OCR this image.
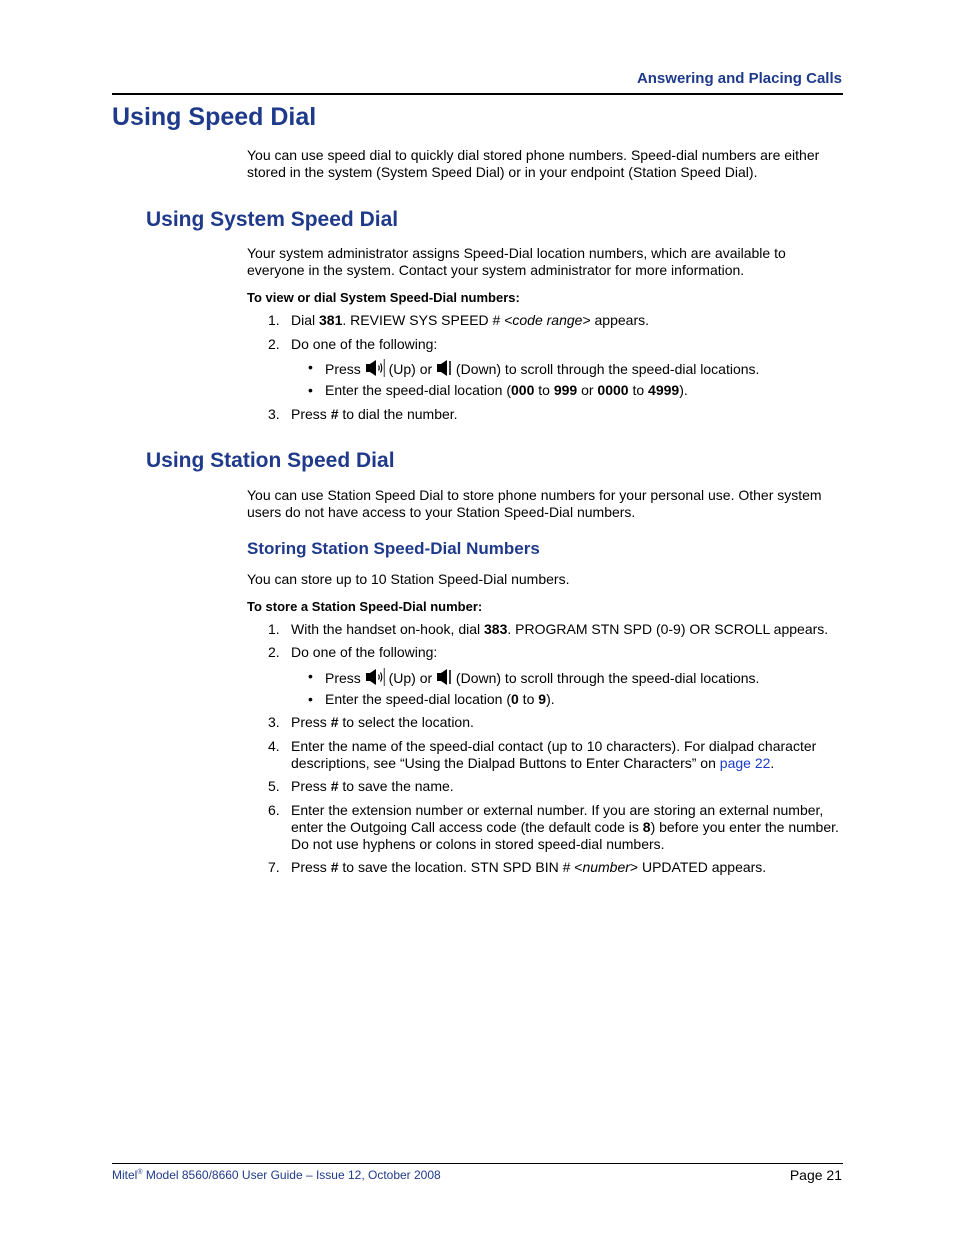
Answering and Placing Calls
Using Speed Dial

You can use speed dial to quickly dial stored phone numbers. Speed-dial numbers are either stored in the system (System Speed Dial) or in your endpoint (Station Speed Dial).

Using System Speed Dial

Your system administrator assigns Speed-Dial location numbers, which are available to everyone in the system. Contact your system administrator for more information.

To view or dial System Speed-Dial numbers:

1. Dial 381. REVIEW SYS SPEED # <code range> appears.
2. Do one of the following:
• Press  (Up) or  (Down) to scroll through the speed-dial locations.
• Enter the speed-dial location (000 to 999 or 0000 to 4999).
3. Press # to dial the number.
Using Station Speed Dial

You can use Station Speed Dial to store phone numbers for your personal use. Other system users do not have access to your Station Speed-Dial numbers.

Storing Station Speed-Dial Numbers

You can store up to 10 Station Speed-Dial numbers.

To store a Station Speed-Dial number:

1. With the handset on-hook, dial 383. PROGRAM STN SPD (0-9) OR SCROLL appears.
2. Do one of the following:
• Press  (Up) or  (Down) to scroll through the speed-dial locations.
• Enter the speed-dial location (0 to 9).
3. Press # to select the location.
4. Enter the name of the speed-dial contact (up to 10 characters). For dialpad character descriptions, see “Using the Dialpad Buttons to Enter Characters” on page 22.
5. Press # to save the name.
6. Enter the extension number or external number. If you are storing an external number, enter the Outgoing Call access code (the default code is 8) before you enter the number. Do not use hyphens or colons in stored speed-dial numbers.
7. Press # to save the location. STN SPD BIN # <number> UPDATED appears.
Mitel® Model 8560/8660 User Guide – Issue 12, October 2008	Page 21
